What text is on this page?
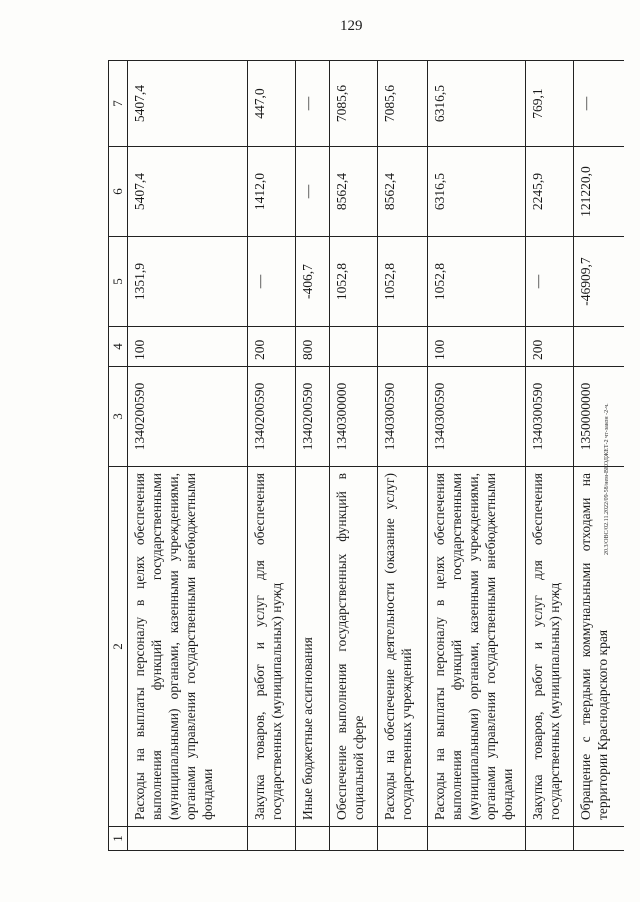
129
20.3/OBC/02.11.2022/09-58/нем-ВКОДЖЕТ-2 чт-закон -2-ч.
1	2	3	4	5	6	7
	Расходы на выплаты персоналу в целях обеспечения выполнения функций государственными (муниципальными) органами, казенными учреждениями, органами управления государственными внебюджетными фондами	1340200590	100	1351,9	5407,4	5407,4
	Закупка товаров, работ и услуг для обеспечения государственных (муниципальных) нужд	1340200590	200	—	1412,0	447,0
	Иные бюджетные ассигнования	1340200590	800	-406,7	—	—
	Обеспечение выполнения государственных функций в социальной сфере	1340300000		1052,8	8562,4	7085,6
	Расходы на обеспечение деятельности (оказание услуг) государственных учреждений	1340300590		1052,8	8562,4	7085,6
	Расходы на выплаты персоналу в целях обеспечения выполнения функций государственными (муниципальными) органами, казенными учреждениями, органами управления государственными внебюджетными фондами	1340300590	100	1052,8	6316,5	6316,5
	Закупка товаров, работ и услуг для обеспечения государственных (муниципальных) нужд	1340300590	200	—	2245,9	769,1
	Обращение с твердыми коммунальными отходами на территории Краснодарского края	1350000000		-46909,7	121220,0	—
